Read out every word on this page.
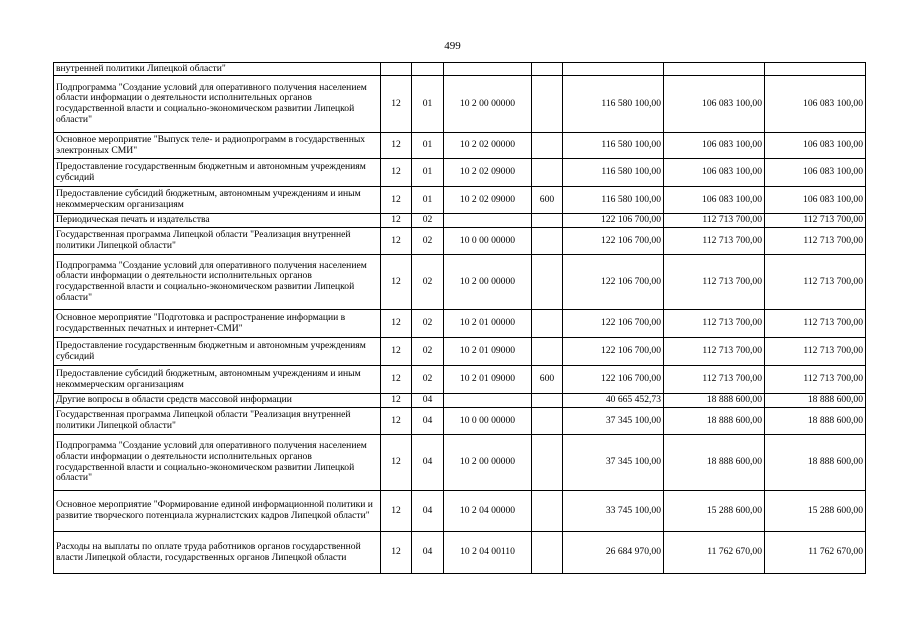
499
внутренней политики Липецкой области"							
Подпрограмма "Создание условий для оперативного получения населением области информации о деятельности исполнительных органов государственной власти и социально-экономическом развитии Липецкой области"	12	01	10 2 00 00000		116 580 100,00	106 083 100,00	106 083 100,00
Основное мероприятие "Выпуск теле- и радиопрограмм в государственных электронных СМИ"	12	01	10 2 02 00000		116 580 100,00	106 083 100,00	106 083 100,00
Предоставление государственным бюджетным и автономным учреждениям субсидий	12	01	10 2 02 09000		116 580 100,00	106 083 100,00	106 083 100,00
Предоставление субсидий бюджетным, автономным учреждениям и иным некоммерческим организациям	12	01	10 2 02 09000	600	116 580 100,00	106 083 100,00	106 083 100,00
Периодическая печать и издательства	12	02			122 106 700,00	112 713 700,00	112 713 700,00
Государственная программа Липецкой области "Реализация внутренней политики Липецкой области"	12	02	10 0 00 00000		122 106 700,00	112 713 700,00	112 713 700,00
Подпрограмма "Создание условий для оперативного получения населением области информации о деятельности исполнительных органов государственной власти и социально-экономическом развитии Липецкой области"	12	02	10 2 00 00000		122 106 700,00	112 713 700,00	112 713 700,00
Основное мероприятие "Подготовка и распространение информации в государственных печатных и интернет-СМИ"	12	02	10 2 01 00000		122 106 700,00	112 713 700,00	112 713 700,00
Предоставление государственным бюджетным и автономным учреждениям субсидий	12	02	10 2 01 09000		122 106 700,00	112 713 700,00	112 713 700,00
Предоставление субсидий бюджетным, автономным учреждениям и иным некоммерческим организациям	12	02	10 2 01 09000	600	122 106 700,00	112 713 700,00	112 713 700,00
Другие вопросы в области средств массовой информации	12	04			40 665 452,73	18 888 600,00	18 888 600,00
Государственная программа Липецкой области "Реализация внутренней политики Липецкой области"	12	04	10 0 00 00000		37 345 100,00	18 888 600,00	18 888 600,00
Подпрограмма "Создание условий для оперативного получения населением области информации о деятельности исполнительных органов государственной власти и социально-экономическом развитии Липецкой области"	12	04	10 2 00 00000		37 345 100,00	18 888 600,00	18 888 600,00
Основное мероприятие "Формирование единой информационной политики и развитие творческого потенциала журналистских кадров Липецкой области"	12	04	10 2 04 00000		33 745 100,00	15 288 600,00	15 288 600,00
Расходы на выплаты по оплате труда работников органов государственной власти Липецкой области, государственных органов Липецкой области	12	04	10 2 04 00110		26 684 970,00	11 762 670,00	11 762 670,00
